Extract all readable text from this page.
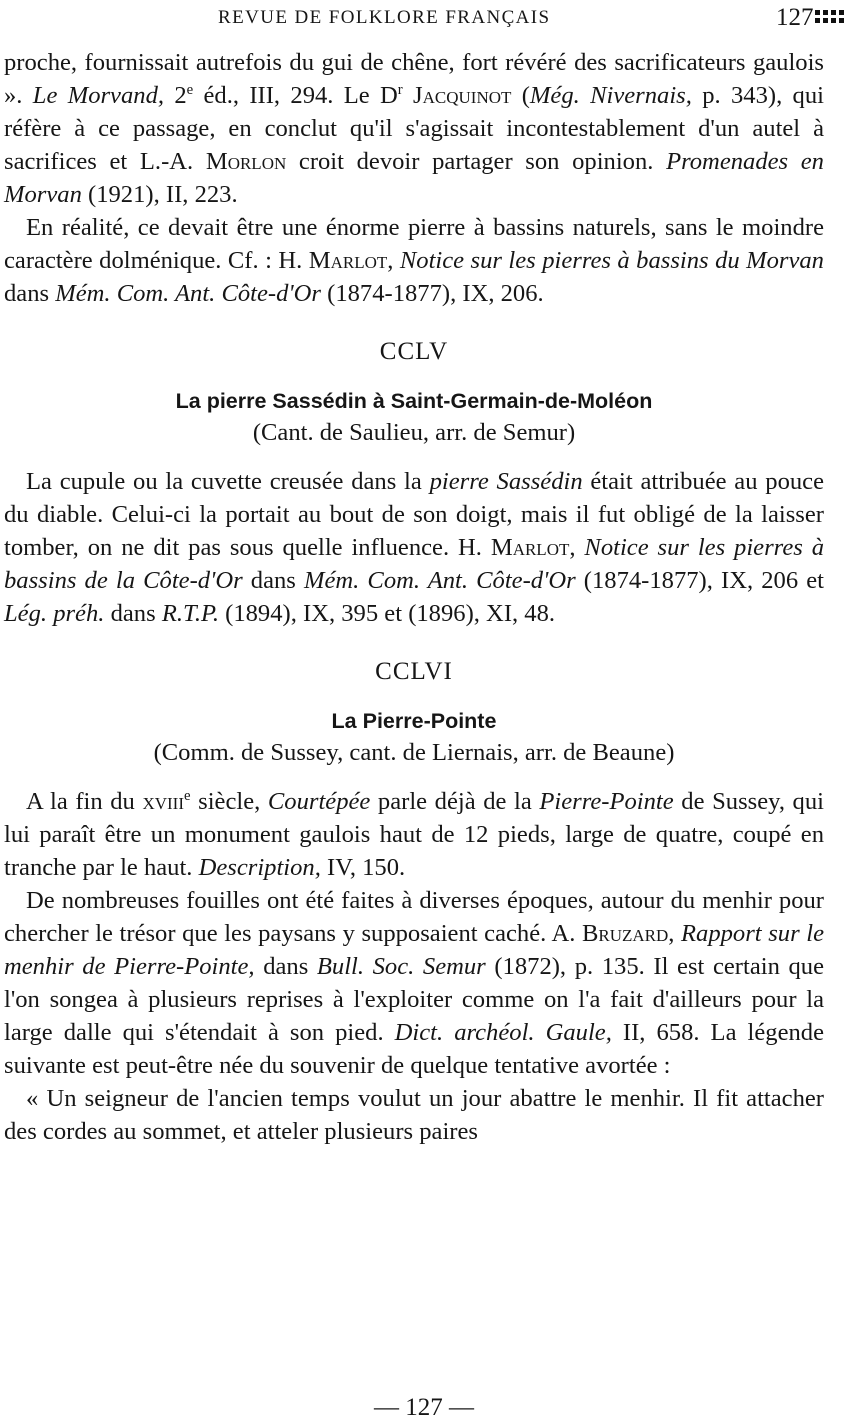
REVUE DE FOLKLORE FRANÇAIS	127

proche, fournissait autrefois du gui de chêne, fort révéré des sacrificateurs gaulois ». Le Morvand, 2e éd., III, 294. Le $D^r$ Jacquinot (Még. Nivernais, p. 343), qui réfère à ce passage, en conclut qu'il s'agissait incontestablement d'un autel à sacrifices et L.-A. Morlon croit devoir partager son opinion. Promenades en Morvan (1921), II, 223.

En réalité, ce devait être une énorme pierre à bassins naturels, sans le moindre caractère dolménique. Cf. : H. Marlot, Notice sur les pierres à bassins du Morvan dans Mém. Com. Ant. Côte-d'Or (1874-1877), IX, 206.

CCLV
La pierre Sassédin à Saint-Germain-de-Moléon
(Cant. de Saulieu, arr. de Semur)

La cupule ou la cuvette creusée dans la pierre Sassédin était attribuée au pouce du diable. Celui-ci la portait au bout de son doigt, mais il fut obligé de la laisser tomber, on ne dit pas sous quelle influence. H. Marlot, Notice sur les pierres à bassins de la Côte-d'Or dans Mém. Com. Ant. Côte-d'Or (1874-1877), IX, 206 et Lég. préh. dans R.T.P. (1894), IX, 395 et (1896), XI, 48.

CCLVI
La Pierre-Pointe
(Comm. de Sussey, cant. de Liernais, arr. de Beaune)

A la fin du xviii$^e$ siècle, Courtépée parle déjà de la Pierre-Pointe de Sussey, qui lui paraît être un monument gaulois haut de 12 pieds, large de quatre, coupé en tranche par le haut. Description, IV, 150.

De nombreuses fouilles ont été faites à diverses époques, autour du menhir pour chercher le trésor que les paysans y supposaient caché. A. Bruzard, Rapport sur le menhir de Pierre-Pointe, dans Bull. Soc. Semur (1872), p. 135. Il est certain que l'on songea à plusieurs reprises à l'exploiter comme on l'a fait d'ailleurs pour la large dalle qui s'étendait à son pied. Dict. archéol. Gaule, II, 658. La légende suivante est peut-être née du souvenir de quelque tentative avortée :

« Un seigneur de l'ancien temps voulut un jour abattre le menhir. Il fit attacher des cordes au sommet, et atteler plusieurs paires

— 127 —
